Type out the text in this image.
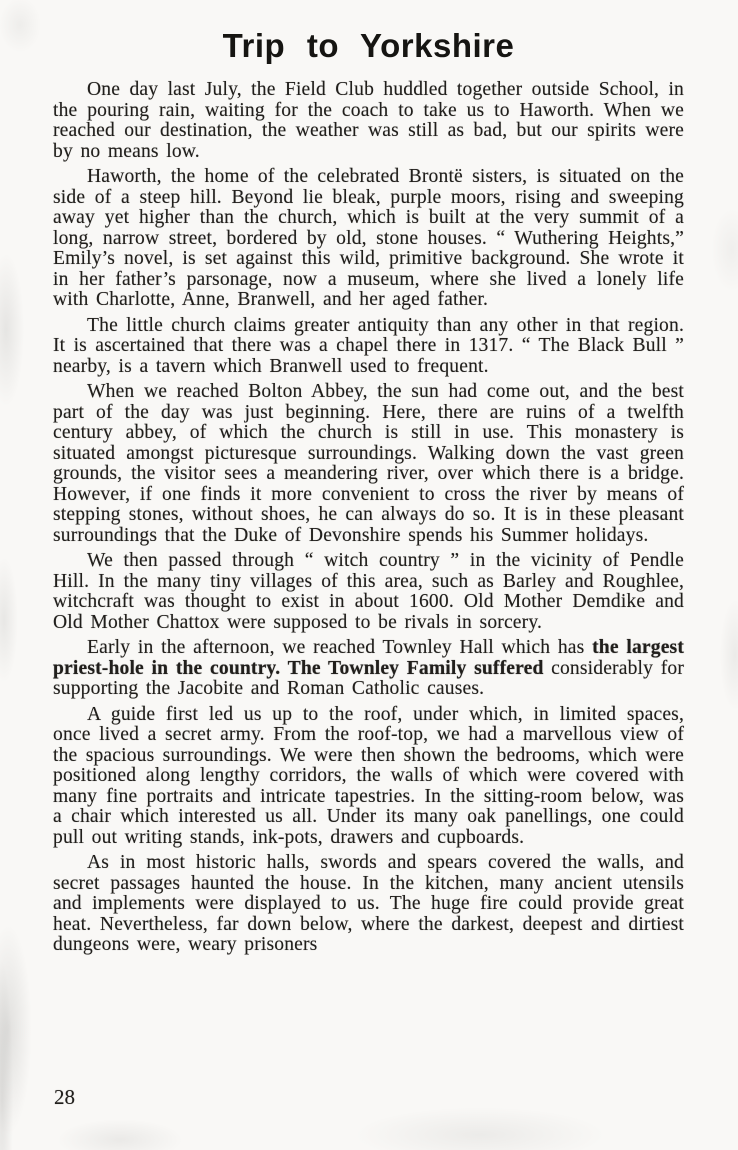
Trip to Yorkshire

One day last July, the Field Club huddled together outside School, in the pouring rain, waiting for the coach to take us to Haworth. When we reached our destination, the weather was still as bad, but our spirits were by no means low.

Haworth, the home of the celebrated Brontë sisters, is situated on the side of a steep hill. Beyond lie bleak, purple moors, rising and sweeping away yet higher than the church, which is built at the very summit of a long, narrow street, bordered by old, stone houses. “ Wuthering Heights,” Emily’s novel, is set against this wild, primitive background. She wrote it in her father’s parsonage, now a museum, where she lived a lonely life with Charlotte, Anne, Branwell, and her aged father.

The little church claims greater antiquity than any other in that region. It is ascertained that there was a chapel there in 1317. “ The Black Bull ” nearby, is a tavern which Branwell used to frequent.

When we reached Bolton Abbey, the sun had come out, and the best part of the day was just beginning. Here, there are ruins of a twelfth century abbey, of which the church is still in use. This monastery is situated amongst picturesque surroundings. Walking down the vast green grounds, the visitor sees a meandering river, over which there is a bridge. However, if one finds it more convenient to cross the river by means of stepping stones, without shoes, he can always do so. It is in these pleasant surroundings that the Duke of Devonshire spends his Summer holidays.

We then passed through “ witch country ” in the vicinity of Pendle Hill. In the many tiny villages of this area, such as Barley and Roughlee, witchcraft was thought to exist in about 1600. Old Mother Demdike and Old Mother Chattox were supposed to be rivals in sorcery.

Early in the afternoon, we reached Townley Hall which has the largest priest-hole in the country. The Townley Family suffered considerably for supporting the Jacobite and Roman Catholic causes.

A guide first led us up to the roof, under which, in limited spaces, once lived a secret army. From the roof-top, we had a marvellous view of the spacious surroundings. We were then shown the bedrooms, which were positioned along lengthy corridors, the walls of which were covered with many fine portraits and intricate tapestries. In the sitting-room below, was a chair which interested us all. Under its many oak panellings, one could pull out writing stands, ink-pots, drawers and cupboards.

As in most historic halls, swords and spears covered the walls, and secret passages haunted the house. In the kitchen, many ancient utensils and implements were displayed to us. The huge fire could provide great heat. Nevertheless, far down below, where the darkest, deepest and dirtiest dungeons were, weary prisoners

28
